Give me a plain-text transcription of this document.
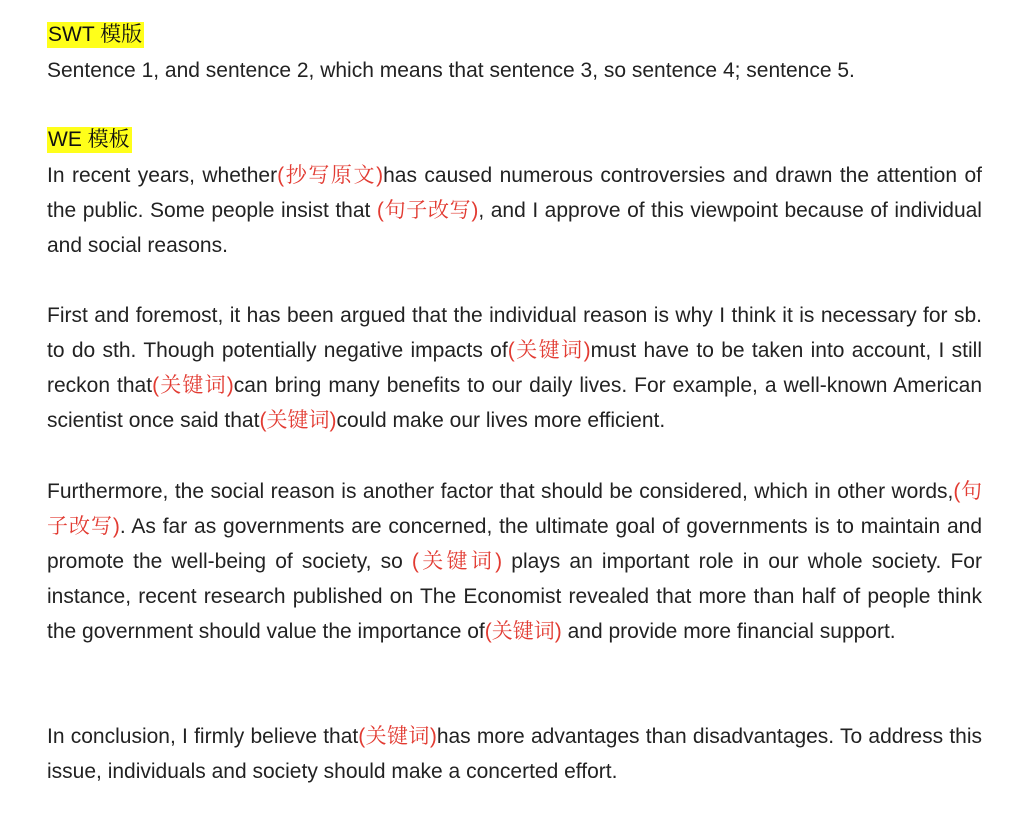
SWT 模版
Sentence 1, and sentence 2, which means that sentence 3, so sentence 4; sentence 5.
WE 模板

In recent years, whether(抄写原文)has caused numerous controversies and drawn the attention of the public. Some people insist that (句子改写), and I approve of this viewpoint because of individual and social reasons.

First and foremost, it has been argued that the individual reason is why I think it is necessary for sb. to do sth. Though potentially negative impacts of(关键词)must have to be taken into account, I still reckon that(关键词)can bring many benefits to our daily lives. For example, a well-known American scientist once said that(关键词)could make our lives more efficient.

Furthermore, the social reason is another factor that should be considered, which in other words,(句子改写). As far as governments are concerned, the ultimate goal of governments is to maintain and promote the well-being of society, so (关键词) plays an important role in our whole society. For instance, recent research published on The Economist revealed that more than half of people think the government should value the importance of(关键词) and provide more financial support.

In conclusion, I firmly believe that(关键词)has more advantages than disadvantages. To address this issue, individuals and society should make a concerted effort.
